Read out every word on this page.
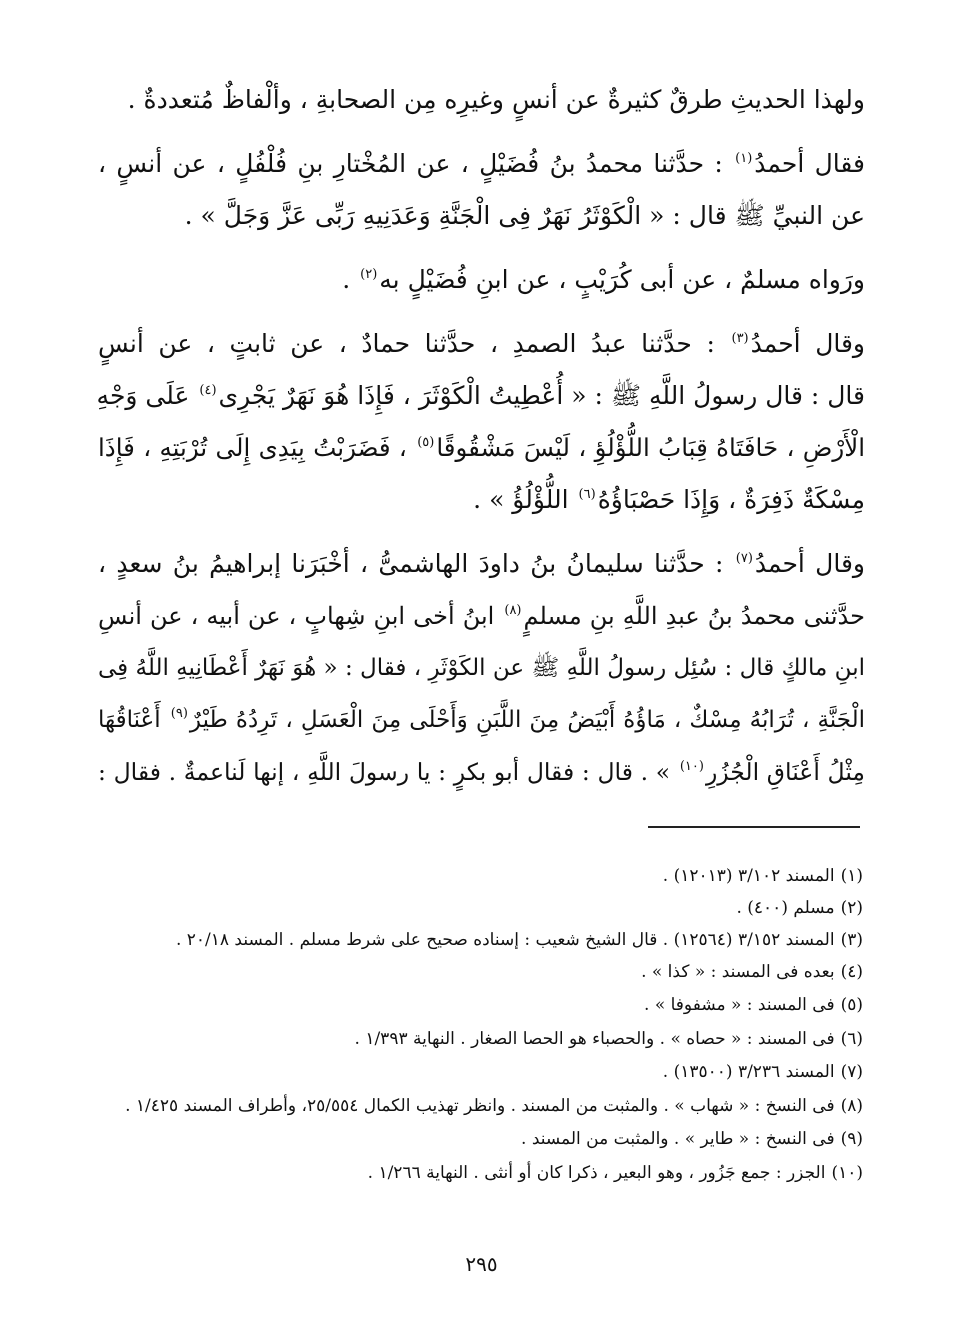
ولهذا الحديثِ طرقٌ كثيرةٌ عن أنسٍ وغيرِه مِن الصحابةِ ، وألْفاظٌ مُتعددةٌ .
فقال أحمدُ$^{(١)}$ : حدَّثنا محمدُ بنُ فُضَيْلٍ ، عن المُخْتارِ بنِ فُلْفُلٍ ، عن أنسٍ ،
عن النبيِّ ﷺ قال : « الْكَوْثَرُ نَهَرٌ فِى الْجَنَّةِ وَعَدَنِيهِ رَبِّى عَزَّ وَجَلَّ » .
ورَواه مسلمٌ ، عن أبى كُرَيْبٍ ، عن ابنِ فُضَيْلٍ به$^{(٢)}$ .
وقال أحمدُ$^{(٣)}$ : حدَّثنا عبدُ الصمدِ ، حدَّثنا حمادٌ ، عن ثابتٍ ، عن أنسٍ
قال : قال رسولُ اللَّهِ ﷺ : « أُعْطِيتُ الْكَوْثَرَ ، فَإِذَا هُوَ نَهَرٌ يَجْرِى$^{(٤)}$ عَلَى وَجْهِ
الْأَرْضِ ، حَافَتَاهُ قِبَابُ اللُّؤْلُؤِ ، لَيْسَ مَشْقُوقًا$^{(٥)}$ ، فَضَرَبْتُ بِيَدِى إِلَى تُرْبَتِهِ ، فَإِذَا
مِسْكَةٌ ذَفِرَةٌ ، وَإِذَا حَصْبَاؤُهُ$^{(٦)}$ اللُّؤْلُؤُ » .
وقال أحمدُ$^{(٧)}$ : حدَّثنا سليمانُ بنُ داودَ الهاشمىُّ ، أخْبَرَنا إبراهيمُ بنُ سعدٍ ،
حدَّثنى محمدُ بنُ عبدِ اللَّهِ بنِ مسلمٍ$^{(٨)}$ ابنُ أخى ابنِ شِهابٍ ، عن أبيه ، عن أنسِ
ابنِ مالكٍ قال : سُئِل رسولُ اللَّهِ ﷺ عن الكَوْثَرِ ، فقال : « هُوَ نَهَرٌ أَعْطَانِيهِ اللَّهُ فِى
الْجَنَّةِ ، تُرَابُهُ مِسْكٌ ، مَاؤُهُ أَبْيَضُ مِنَ اللَّبَنِ وَأَحْلَى مِنَ الْعَسَلِ ، تَرِدُهُ طَيْرٌ$^{(٩)}$ أَعْنَاقُهَا
مِثْلُ أَعْنَاقِ الْجُزُرِ$^{(١٠)}$ » . قال : فقال أبو بكرٍ : يا رسولَ اللَّهِ ، إنها لَناعمةٌ . فقال :
(١)المسند ٣/١٠٢ (١٢٠١٣) .
(٢)مسلم (٤٠٠) .
(٣)المسند ٣/١٥٢ (١٢٥٦٤) . قال الشيخ شعيب : إسناده صحيح على شرط مسلم . المسند ٢٠/١٨ .
(٤)بعده فى المسند : « كذا » .
(٥)فى المسند : « مشفوفا » .
(٦)فى المسند : « حصاه » . والحصباء هو الحصا الصغار . النهاية ١/٣٩٣ .
(٧)المسند ٣/٢٣٦ (١٣٥٠٠) .
(٨)فى النسخ : « شهاب » . والمثبت من المسند . وانظر تهذيب الكمال ٢٥/٥٥٤، وأطراف المسند ١/٤٢٥ .
(٩)فى النسخ : « طاير » . والمثبت من المسند .
(١٠)الجزر : جمع جَزُور ، وهو البعير ، ذكرا كان أو أنثى . النهاية ١/٢٦٦ .
٢٩٥
